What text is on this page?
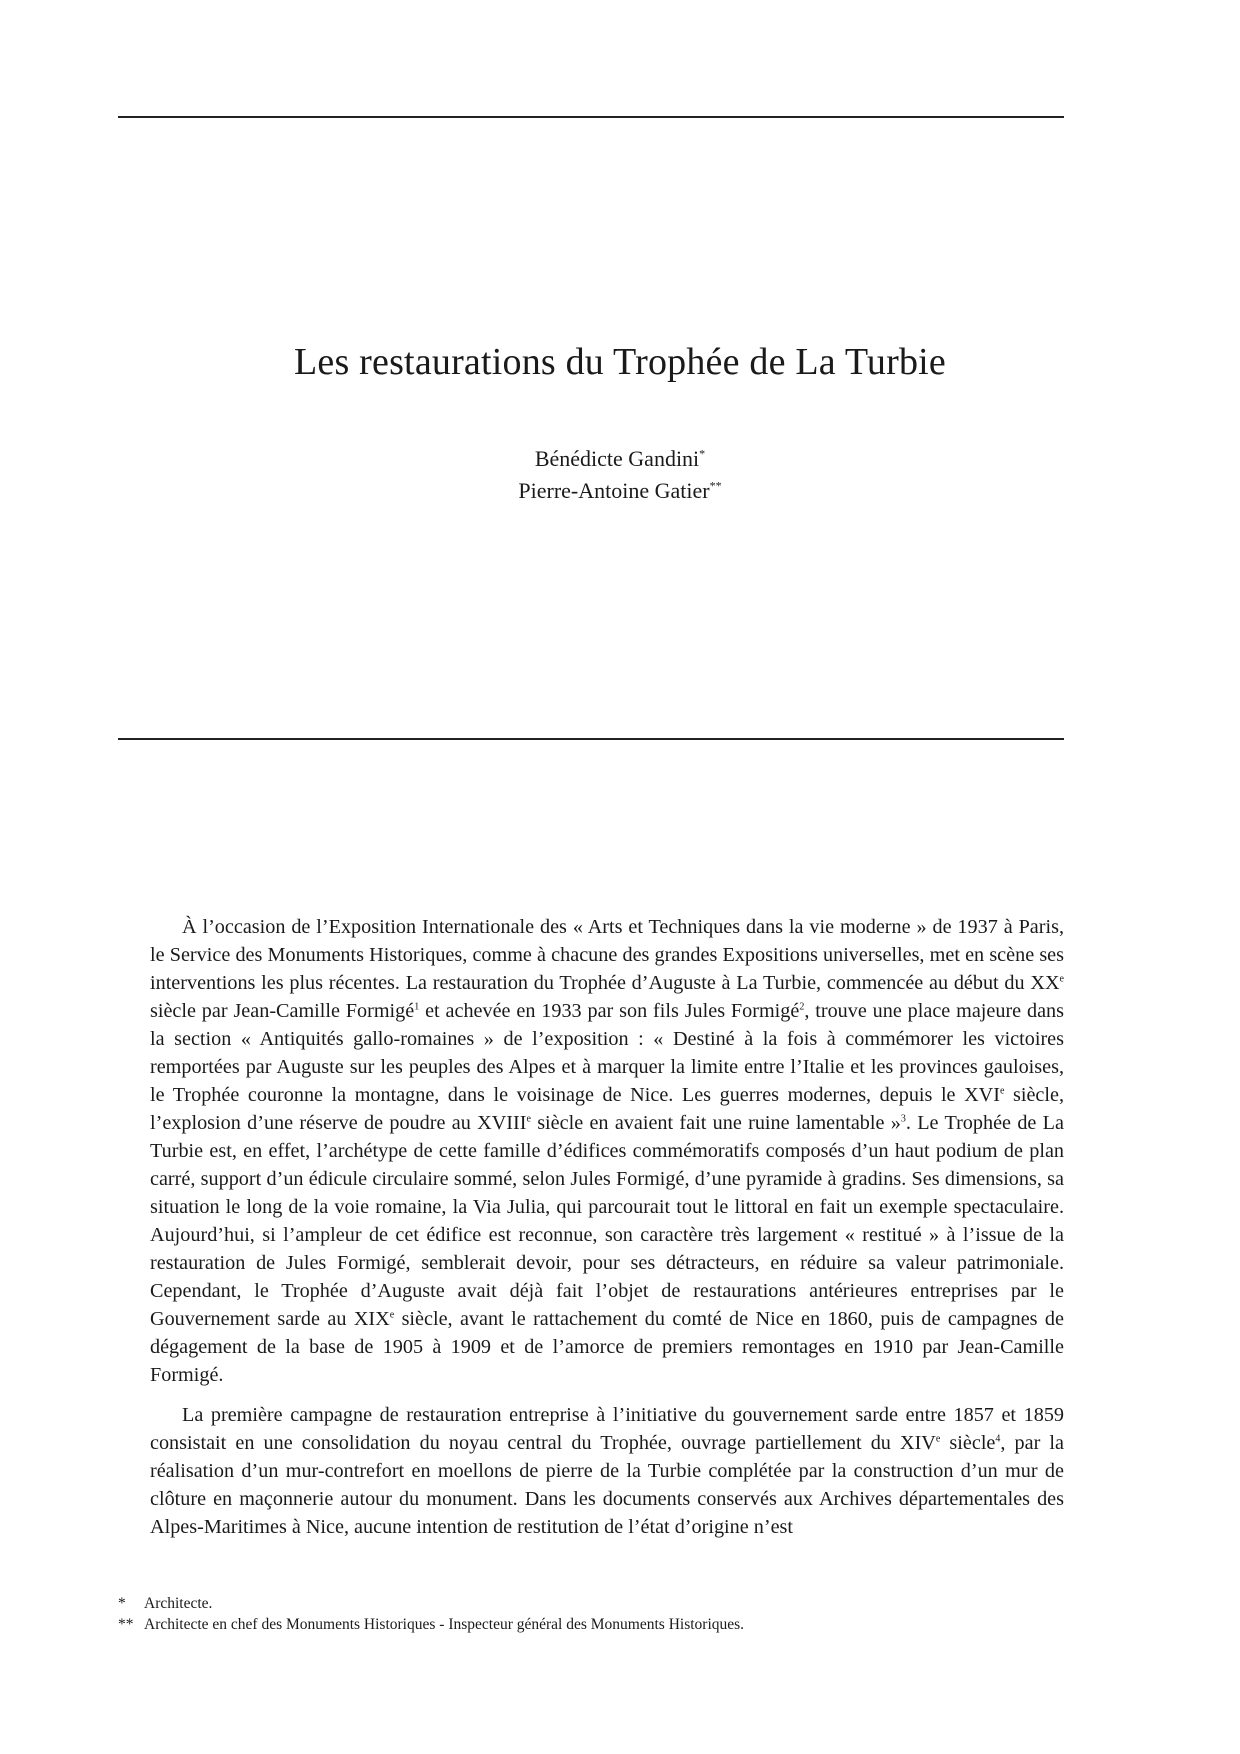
Les restaurations du Trophée de La Turbie

Bénédicte Gandini*

Pierre-Antoine Gatier**

À l’occasion de l’Exposition Internationale des « Arts et Techniques dans la vie moderne » de 1937 à Paris, le Service des Monuments Historiques, comme à chacune des grandes Expositions universelles, met en scène ses interventions les plus récentes. La restauration du Trophée d’Auguste à La Turbie, commencée au début du XXe siècle par Jean-Camille Formigé$^1$ et achevée en 1933 par son fils Jules Formigé$^2$, trouve une place majeure dans la section « Antiquités gallo-romaines » de l’exposition : « Destiné à la fois à commémorer les victoires remportées par Auguste sur les peuples des Alpes et à marquer la limite entre l’Italie et les provinces gauloises, le Trophée couronne la montagne, dans le voisinage de Nice. Les guerres modernes, depuis le XVIe siècle, l’explosion d’une réserve de poudre au XVIIIe siècle en avaient fait une ruine lamentable »$^3$. Le Trophée de La Turbie est, en effet, l’archétype de cette famille d’édifices commémoratifs composés d’un haut podium de plan carré, support d’un édicule circulaire sommé, selon Jules Formigé, d’une pyramide à gradins. Ses dimensions, sa situation le long de la voie romaine, la Via Julia, qui parcourait tout le littoral en fait un exemple spectaculaire. Aujourd’hui, si l’ampleur de cet édifice est reconnue, son caractère très largement « restitué » à l’issue de la restauration de Jules Formigé, semblerait devoir, pour ses détracteurs, en réduire sa valeur patrimoniale. Cependant, le Trophée d’Auguste avait déjà fait l’objet de restaurations antérieures entreprises par le Gouvernement sarde au XIXe siècle, avant le rattachement du comté de Nice en 1860, puis de campagnes de dégagement de la base de 1905 à 1909 et de l’amorce de premiers remontages en 1910 par Jean-Camille Formigé.

La première campagne de restauration entreprise à l’initiative du gouvernement sarde entre 1857 et 1859 consistait en une consolidation du noyau central du Trophée, ouvrage partiellement du XIVe siècle$^4$, par la réalisation d’un mur-contrefort en moellons de pierre de la Turbie complétée par la construction d’un mur de clôture en maçonnerie autour du monument. Dans les documents conservés aux Archives départementales des Alpes-Maritimes à Nice, aucune intention de restitution de l’état d’origine n’est

* Architecte.
** Architecte en chef des Monuments Historiques - Inspecteur général des Monuments Historiques.
